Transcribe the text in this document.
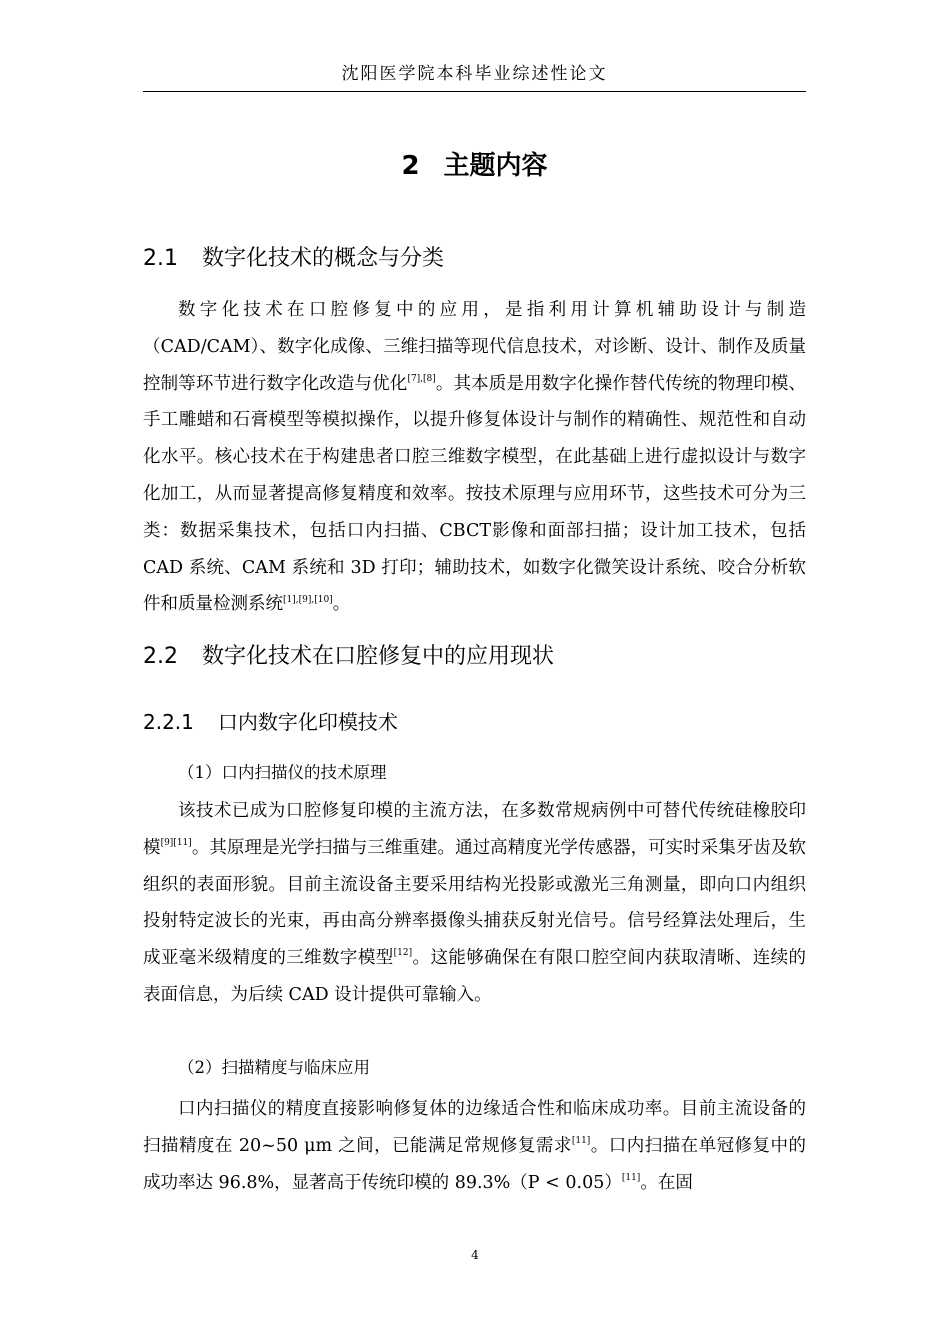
沈阳医学院本科毕业综述性论文
2 主题内容
2.1 数字化技术的概念与分类

数字化技术在口腔修复中的应用，是指利用计算机辅助设计与制造（CAD/CAM）、数字化成像、三维扫描等现代信息技术，对诊断、设计、制作及质量控制等环节进行数字化改造与优化[7],[8]。其本质是用数字化操作替代传统的物理印模、手工雕蜡和石膏模型等模拟操作，以提升修复体设计与制作的精确性、规范性和自动化水平。核心技术在于构建患者口腔三维数字模型，在此基础上进行虚拟设计与数字化加工，从而显著提高修复精度和效率。按技术原理与应用环节，这些技术可分为三类：数据采集技术，包括口内扫描、CBCT影像和面部扫描；设计加工技术，包括 CAD 系统、CAM 系统和 3D 打印；辅助技术，如数字化微笑设计系统、咬合分析软件和质量检测系统[1],[9],[10]。

2.2 数字化技术在口腔修复中的应用现状
2.2.1 口内数字化印模技术
（1）口内扫描仪的技术原理

该技术已成为口腔修复印模的主流方法，在多数常规病例中可替代传统硅橡胶印模[9][11]。其原理是光学扫描与三维重建。通过高精度光学传感器，可实时采集牙齿及软组织的表面形貌。目前主流设备主要采用结构光投影或激光三角测量，即向口内组织投射特定波长的光束，再由高分辨率摄像头捕获反射光信号。信号经算法处理后，生成亚毫米级精度的三维数字模型[12]。这能够确保在有限口腔空间内获取清晰、连续的表面信息，为后续 CAD 设计提供可靠输入。

（2）扫描精度与临床应用

口内扫描仪的精度直接影响修复体的边缘适合性和临床成功率。目前主流设备的扫描精度在 20~50 μm 之间，已能满足常规修复需求[11]。口内扫描在单冠修复中的成功率达 96.8%，显著高于传统印模的 89.3%（P < 0.05）[11]。在固

4
